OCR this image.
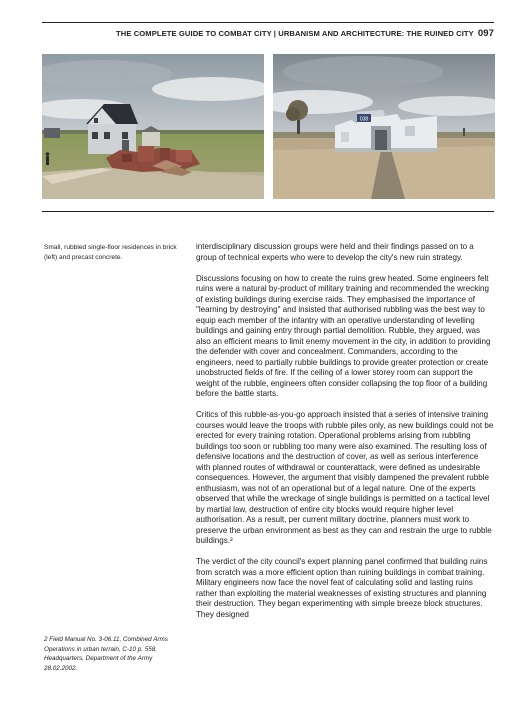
THE COMPLETE GUIDE TO COMBAT CITY | URBANISM AND ARCHITECTURE: THE RUINED CITY 097
038
Small, rubbled single-floor residences in brick (left) and precast concrete.

interdisciplinary discussion groups were held and their findings passed on to a group of technical experts who were to develop the city's new ruin strategy.

Discussions focusing on how to create the ruins grew heated. Some engineers felt ruins were a natural by-product of military training and recommended the wrecking of existing buildings during exercise raids. They emphasised the importance of "learning by destroying" and insisted that authorised rubbling was the best way to equip each member of the infantry with an operative understanding of levelling buildings and gaining entry through partial demolition. Rubble, they argued, was also an efficient means to limit enemy movement in the city, in addition to providing the defender with cover and concealment. Commanders, according to the engineers, need to partially rubble buildings to provide greater protection or create unobstructed fields of fire. If the ceiling of a lower storey room can support the weight of the rubble, engineers often consider collapsing the top floor of a building before the battle starts.

Critics of this rubble-as-you-go approach insisted that a series of intensive training courses would leave the troops with rubble piles only, as new buildings could not be erected for every training rotation. Operational problems arising from rubbling buildings too soon or rubbling too many were also examined. The resulting loss of defensive locations and the destruction of cover, as well as serious interference with planned routes of withdrawal or counterattack, were defined as undesirable consequences. However, the argument that visibly dampened the prevalent rubble enthusiasm, was not of an operational but of a legal nature. One of the experts observed that while the wreckage of single buildings is permitted on a tactical level by martial law, destruction of entire city blocks would require higher level authorisation. As a result, per current military doctrine, planners must work to preserve the urban environment as best as they can and restrain the urge to rubble buildings.²

The verdict of the city council's expert planning panel confirmed that building ruins from scratch was a more efficient option than ruining buildings in combat training. Military engineers now face the novel feat of calculating solid and lasting ruins rather than exploiting the material weaknesses of existing structures and planning their destruction. They began experimenting with simple breeze block structures. They designed

2 Field Manual No. 3-06.11, Combined Arms Operations in urban terrain, C-10 p. 558, Headquarters, Department of the Army 28.02.2002.
